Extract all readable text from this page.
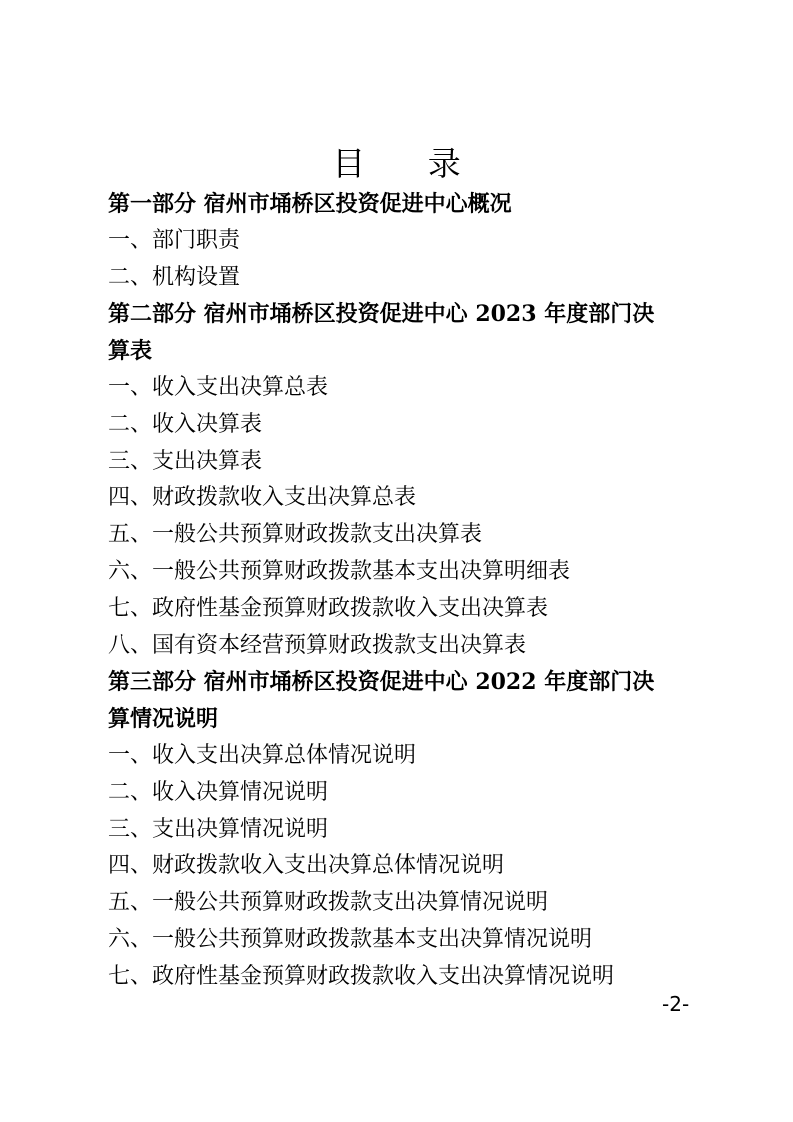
目 录
第一部分 宿州市埇桥区投资促进中心概况
一、部门职责
二、机构设置
第二部分 宿州市埇桥区投资促进中心 2023 年度部门决
算表
一、收入支出决算总表
二、收入决算表
三、支出决算表
四、财政拨款收入支出决算总表
五、一般公共预算财政拨款支出决算表
六、一般公共预算财政拨款基本支出决算明细表
七、政府性基金预算财政拨款收入支出决算表
八、国有资本经营预算财政拨款支出决算表
第三部分 宿州市埇桥区投资促进中心 2022 年度部门决
算情况说明
一、收入支出决算总体情况说明
二、收入决算情况说明
三、支出决算情况说明
四、财政拨款收入支出决算总体情况说明
五、一般公共预算财政拨款支出决算情况说明
六、一般公共预算财政拨款基本支出决算情况说明
七、政府性基金预算财政拨款收入支出决算情况说明
-2-
